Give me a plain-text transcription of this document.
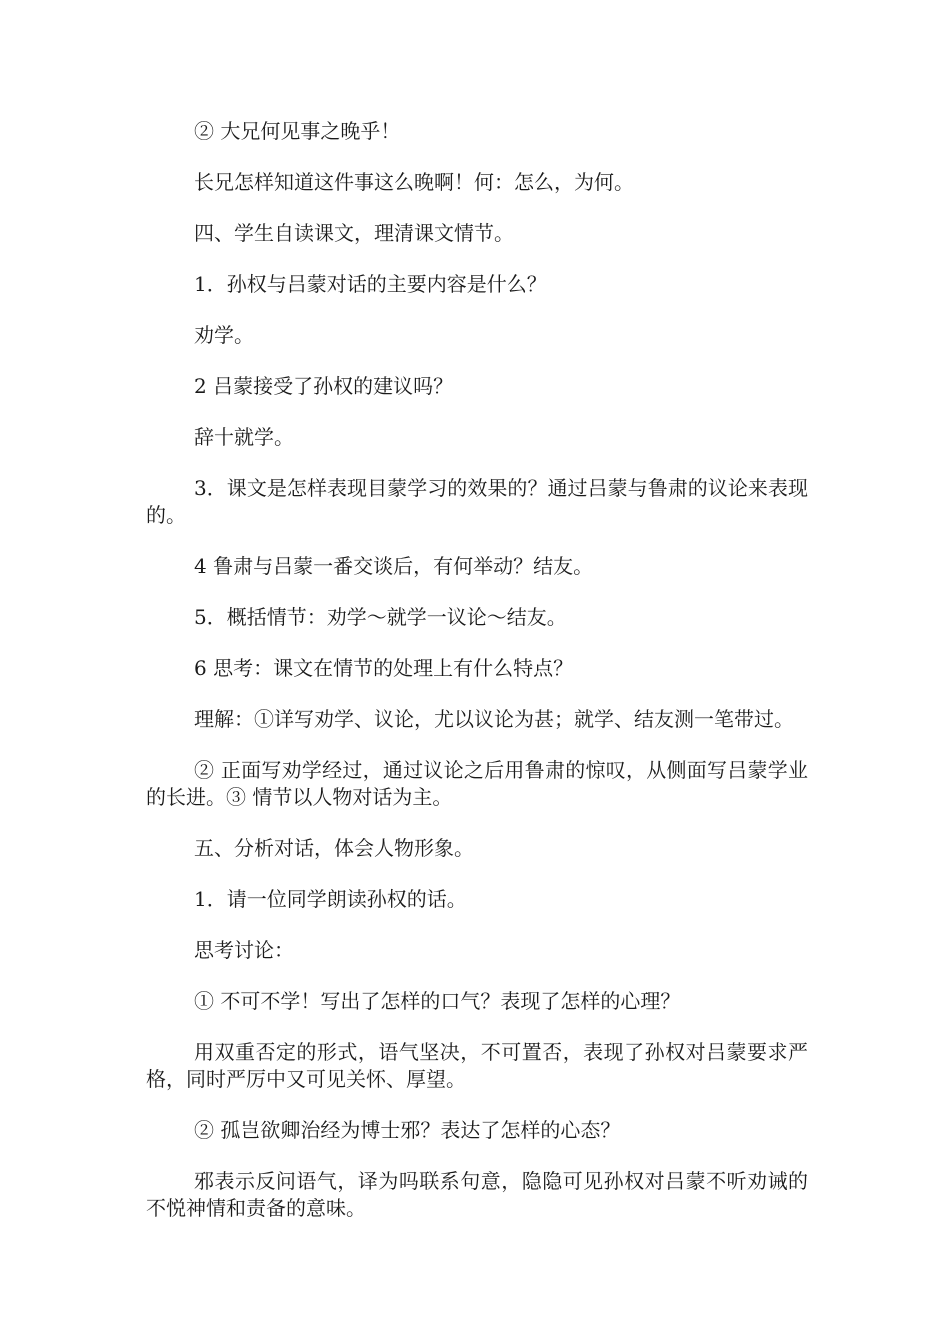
② 大兄何见事之晚乎！

长兄怎样知道这件事这么晚啊！何：怎么，为何。

四、学生自读课文，理清课文情节。

1．孙权与吕蒙对话的主要内容是什么？

劝学。

2 吕蒙接受了孙权的建议吗？

辞十就学。

3．课文是怎样表现目蒙学习的效果的？通过吕蒙与鲁肃的议论来表现的。

4 鲁肃与吕蒙一番交谈后，有何举动？结友。

5．概括情节：劝学～就学一议论～结友。

6 思考：课文在情节的处理上有什么特点？

理解：①详写劝学、议论，尤以议论为甚；就学、结友测一笔带过。

② 正面写劝学经过，通过议论之后用鲁肃的惊叹，从侧面写吕蒙学业的长进。③ 情节以人物对话为主。

五、分析对话，体会人物形象。

1．请一位同学朗读孙权的话。

思考讨论：

① 不可不学！写出了怎样的口气？表现了怎样的心理？

用双重否定的形式，语气坚决，不可置否，表现了孙权对吕蒙要求严格，同时严厉中又可见关怀、厚望。

② 孤岂欲卿治经为博士邪？表达了怎样的心态？

邪表示反问语气，译为吗联系句意，隐隐可见孙权对吕蒙不听劝诫的不悦神情和责备的意味。
